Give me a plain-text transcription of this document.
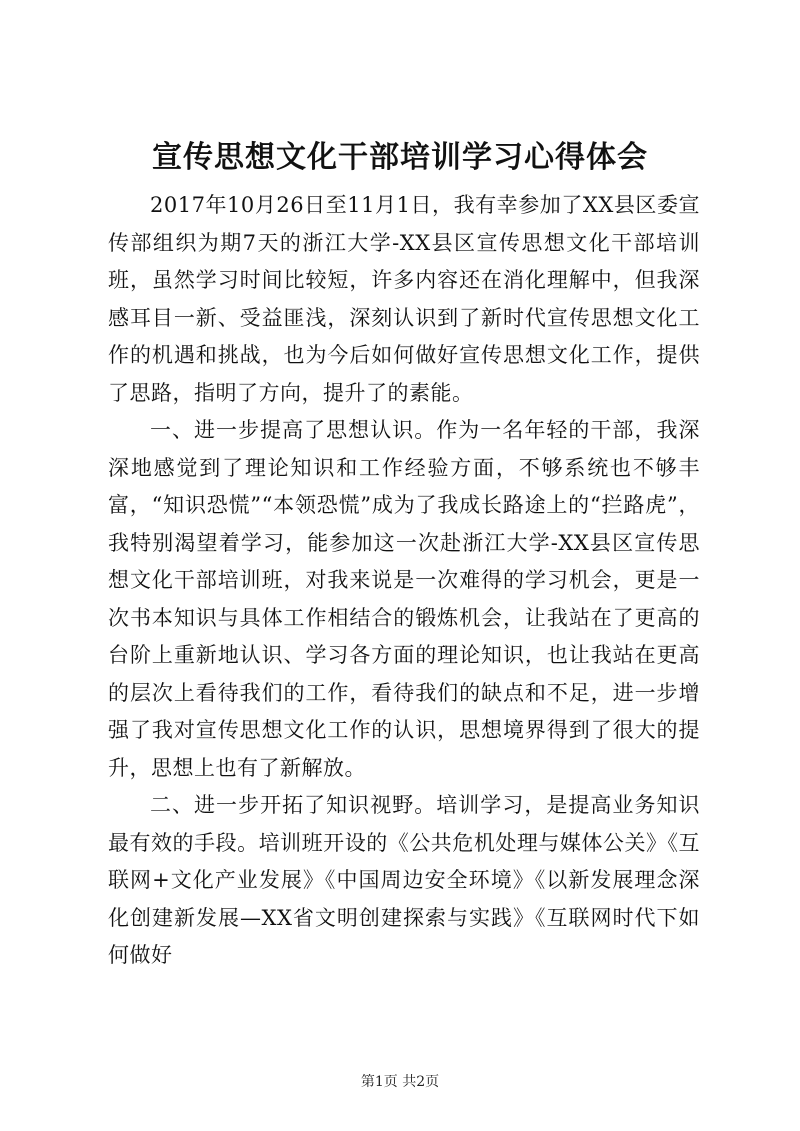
宣传思想文化干部培训学习心得体会

2017年10月26日至11月1日，我有幸参加了XX县区委宣传部组织为期7天的浙江大学-XX县区宣传思想文化干部培训班，虽然学习时间比较短，许多内容还在消化理解中，但我深感耳目一新、受益匪浅，深刻认识到了新时代宣传思想文化工作的机遇和挑战，也为今后如何做好宣传思想文化工作，提供了思路，指明了方向，提升了的素能。

一、进一步提高了思想认识。作为一名年轻的干部，我深深地感觉到了理论知识和工作经验方面，不够系统也不够丰富，“知识恐慌”“本领恐慌”成为了我成长路途上的“拦路虎”，我特别渴望着学习，能参加这一次赴浙江大学-XX县区宣传思想文化干部培训班，对我来说是一次难得的学习机会，更是一次书本知识与具体工作相结合的锻炼机会，让我站在了更高的台阶上重新地认识、学习各方面的理论知识，也让我站在更高的层次上看待我们的工作，看待我们的缺点和不足，进一步增强了我对宣传思想文化工作的认识，思想境界得到了很大的提升，思想上也有了新解放。

二、进一步开拓了知识视野。培训学习，是提高业务知识最有效的手段。培训班开设的《公共危机处理与媒体公关》《互联网+文化产业发展》《中国周边安全环境》《以新发展理念深化创建新发展—XX省文明创建探索与实践》《互联网时代下如何做好

第1页 共2页
